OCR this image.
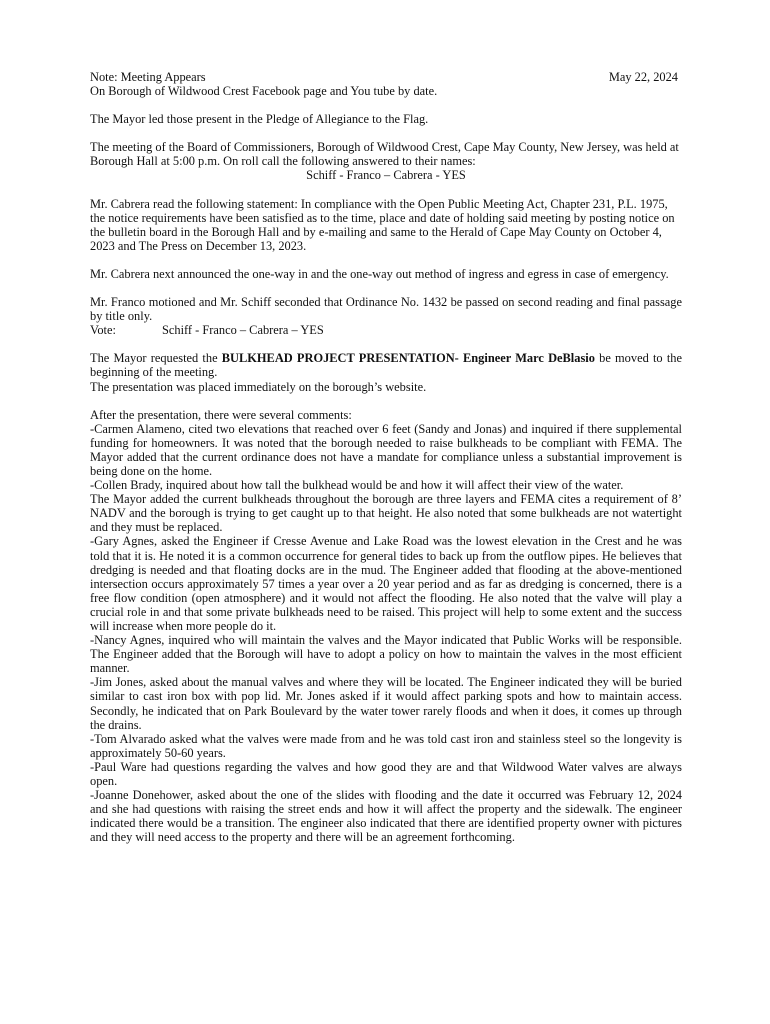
Note: Meeting Appears	May 22, 2024
On Borough of Wildwood Crest Facebook page and You tube by date.

The Mayor led those present in the Pledge of Allegiance to the Flag.

The meeting of the Board of Commissioners, Borough of Wildwood Crest, Cape May County, New Jersey, was held at Borough Hall at 5:00 p.m. On roll call the following answered to their names:
Schiff - Franco – Cabrera - YES

Mr. Cabrera read the following statement: In compliance with the Open Public Meeting Act, Chapter 231, P.L. 1975, the notice requirements have been satisfied as to the time, place and date of holding said meeting by posting notice on the bulletin board in the Borough Hall and by e-mailing and same to the Herald of Cape May County on October 4, 2023 and The Press on December 13, 2023.

Mr. Cabrera next announced the one-way in and the one-way out method of ingress and egress in case of emergency.

Mr. Franco motioned and Mr. Schiff seconded that Ordinance No. 1432 be passed on second reading and final passage by title only.
Vote:	Schiff - Franco – Cabrera – YES
The Mayor requested the BULKHEAD PROJECT PRESENTATION- Engineer Marc DeBlasio be moved to the beginning of the meeting.
The presentation was placed immediately on the borough’s website.
After the presentation, there were several comments:
-Carmen Alameno, cited two elevations that reached over 6 feet (Sandy and Jonas) and inquired if there supplemental funding for homeowners. It was noted that the borough needed to raise bulkheads to be compliant with FEMA. The Mayor added that the current ordinance does not have a mandate for compliance unless a substantial improvement is being done on the home.
-Collen Brady, inquired about how tall the bulkhead would be and how it will affect their view of the water.
The Mayor added the current bulkheads throughout the borough are three layers and FEMA cites a requirement of 8’ NADV and the borough is trying to get caught up to that height. He also noted that some bulkheads are not watertight and they must be replaced.
-Gary Agnes, asked the Engineer if Cresse Avenue and Lake Road was the lowest elevation in the Crest and he was told that it is. He noted it is a common occurrence for general tides to back up from the outflow pipes. He believes that dredging is needed and that floating docks are in the mud. The Engineer added that flooding at the above-mentioned intersection occurs approximately 57 times a year over a 20 year period and as far as dredging is concerned, there is a free flow condition (open atmosphere) and it would not affect the flooding. He also noted that the valve will play a crucial role in and that some private bulkheads need to be raised. This project will help to some extent and the success will increase when more people do it.
-Nancy Agnes, inquired who will maintain the valves and the Mayor indicated that Public Works will be responsible. The Engineer added that the Borough will have to adopt a policy on how to maintain the valves in the most efficient manner.
-Jim Jones, asked about the manual valves and where they will be located. The Engineer indicated they will be buried similar to cast iron box with pop lid. Mr. Jones asked if it would affect parking spots and how to maintain access. Secondly, he indicated that on Park Boulevard by the water tower rarely floods and when it does, it comes up through the drains.
-Tom Alvarado asked what the valves were made from and he was told cast iron and stainless steel so the longevity is approximately 50-60 years.
-Paul Ware had questions regarding the valves and how good they are and that Wildwood Water valves are always open.
-Joanne Donehower, asked about the one of the slides with flooding and the date it occurred was February 12, 2024 and she had questions with raising the street ends and how it will affect the property and the sidewalk. The engineer indicated there would be a transition. The engineer also indicated that there are identified property owner with pictures and they will need access to the property and there will be an agreement forthcoming.
